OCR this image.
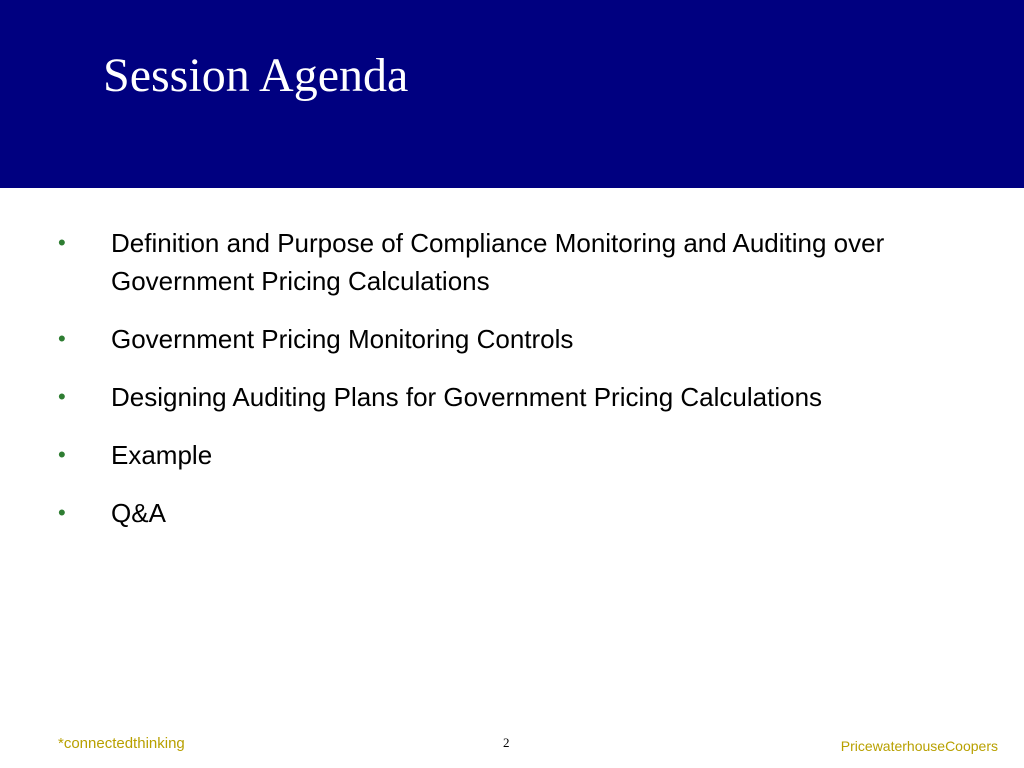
Session Agenda
• Definition and Purpose of Compliance Monitoring and Auditing over Government Pricing Calculations
• Government Pricing Monitoring Controls
• Designing Auditing Plans for Government Pricing Calculations
• Example
• Q&A
*connectedthinking	2	PricewaterhouseCoopers
